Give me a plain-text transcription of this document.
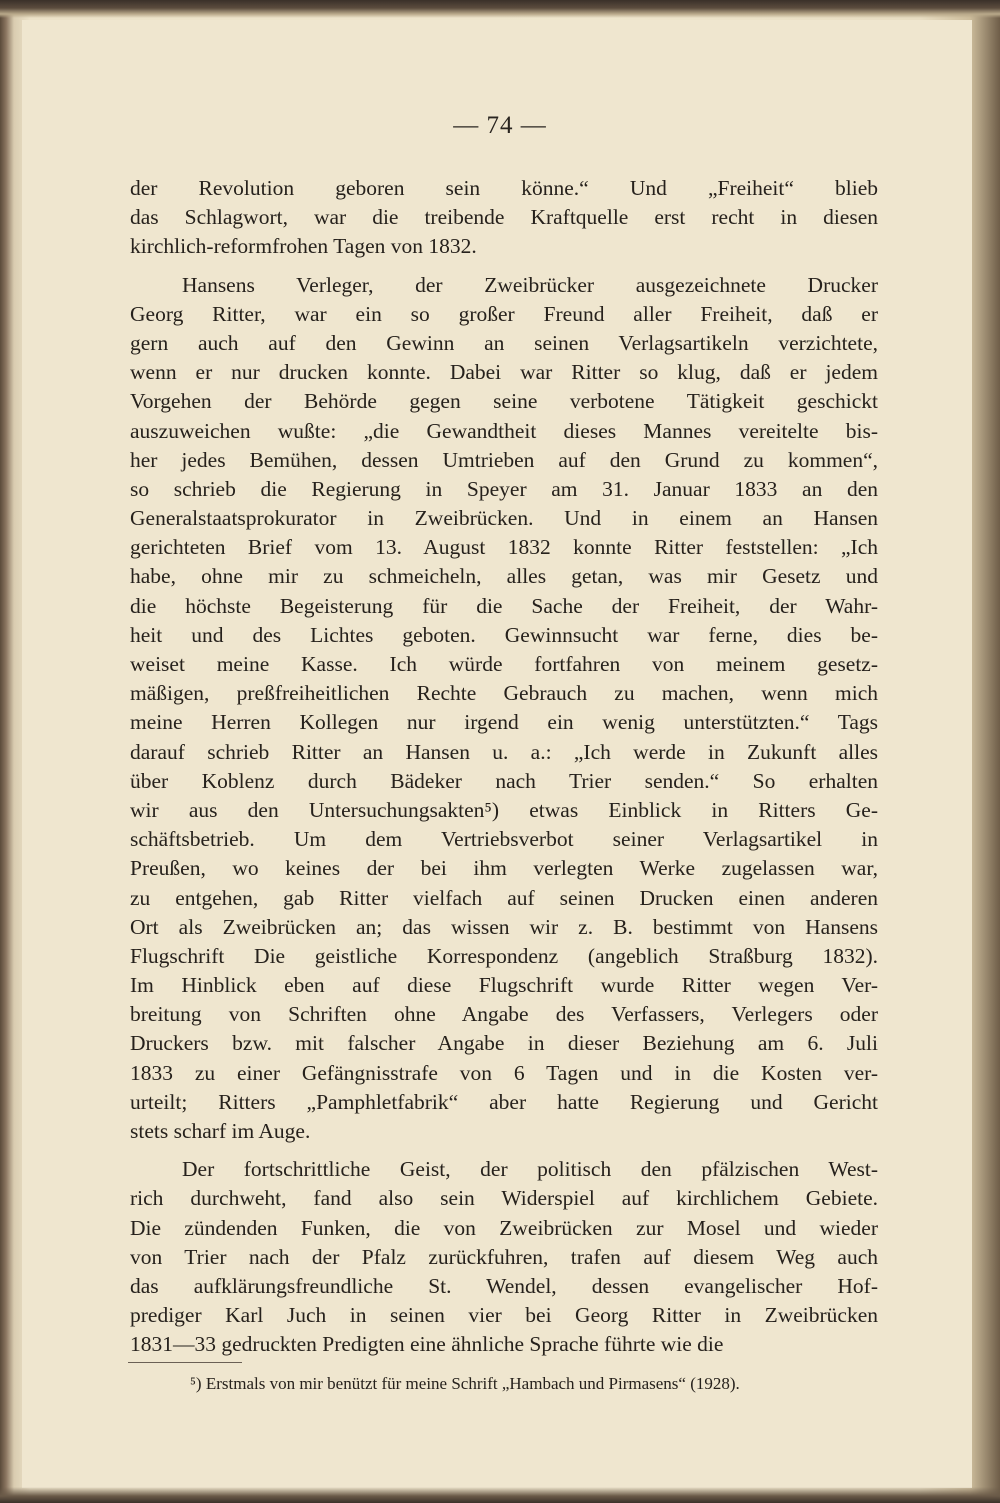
— 74 —
der Revolution geboren sein könne.“ Und „Freiheit“ blieb
das Schlagwort, war die treibende Kraftquelle erst recht in diesen
kirchlich-reformfrohen Tagen von 1832.
Hansens Verleger, der Zweibrücker ausgezeichnete Drucker
Georg Ritter, war ein so großer Freund aller Freiheit, daß er
gern auch auf den Gewinn an seinen Verlagsartikeln verzichtete,
wenn er nur drucken konnte. Dabei war Ritter so klug, daß er jedem
Vorgehen der Behörde gegen seine verbotene Tätigkeit geschickt
auszuweichen wußte: „die Gewandtheit dieses Mannes vereitelte bis-
her jedes Bemühen, dessen Umtrieben auf den Grund zu kommen“,
so schrieb die Regierung in Speyer am 31. Januar 1833 an den
Generalstaatsprokurator in Zweibrücken. Und in einem an Hansen
gerichteten Brief vom 13. August 1832 konnte Ritter feststellen: „Ich
habe, ohne mir zu schmeicheln, alles getan, was mir Gesetz und
die höchste Begeisterung für die Sache der Freiheit, der Wahr-
heit und des Lichtes geboten. Gewinnsucht war ferne, dies be-
weiset meine Kasse. Ich würde fortfahren von meinem gesetz-
mäßigen, preßfreiheitlichen Rechte Gebrauch zu machen, wenn mich
meine Herren Kollegen nur irgend ein wenig unterstützten.“ Tags
darauf schrieb Ritter an Hansen u. a.: „Ich werde in Zukunft alles
über Koblenz durch Bädeker nach Trier senden.“ So erhalten
wir aus den Untersuchungsakten⁵) etwas Einblick in Ritters Ge-
schäftsbetrieb. Um dem Vertriebsverbot seiner Verlagsartikel in
Preußen, wo keines der bei ihm verlegten Werke zugelassen war,
zu entgehen, gab Ritter vielfach auf seinen Drucken einen anderen
Ort als Zweibrücken an; das wissen wir z. B. bestimmt von Hansens
Flugschrift Die geistliche Korrespondenz (angeblich Straßburg 1832).
Im Hinblick eben auf diese Flugschrift wurde Ritter wegen Ver-
breitung von Schriften ohne Angabe des Verfassers, Verlegers oder
Druckers bzw. mit falscher Angabe in dieser Beziehung am 6. Juli
1833 zu einer Gefängnisstrafe von 6 Tagen und in die Kosten ver-
urteilt; Ritters „Pamphletfabrik“ aber hatte Regierung und Gericht
stets scharf im Auge.
Der fortschrittliche Geist, der politisch den pfälzischen West-
rich durchweht, fand also sein Widerspiel auf kirchlichem Gebiete.
Die zündenden Funken, die von Zweibrücken zur Mosel und wieder
von Trier nach der Pfalz zurückfuhren, trafen auf diesem Weg auch
das aufklärungsfreundliche St. Wendel, dessen evangelischer Hof-
prediger Karl Juch in seinen vier bei Georg Ritter in Zweibrücken
1831—33 gedruckten Predigten eine ähnliche Sprache führte wie die
⁵) Erstmals von mir benützt für meine Schrift „Hambach und Pirmasens“ (1928).
